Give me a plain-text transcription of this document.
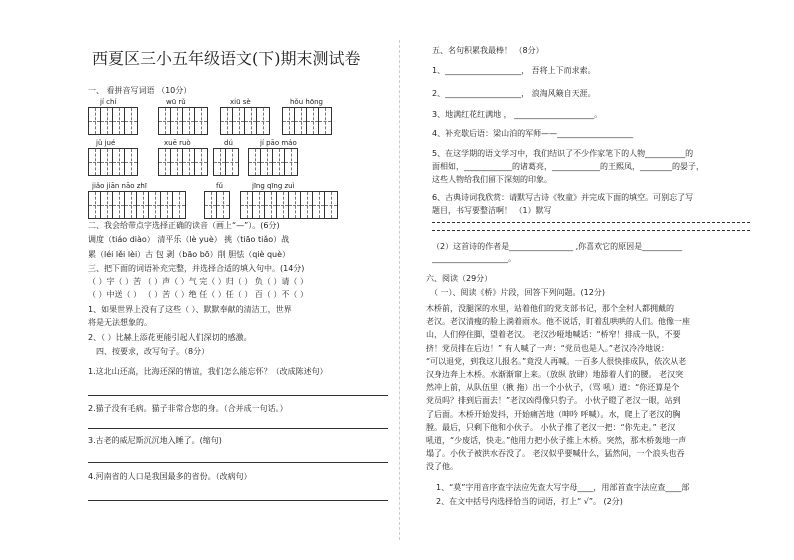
西夏区三小五年级语文(下)期末测试卷
一、 看拼音写词语 （10分）
jí chí	wū rǔ	xiū sè	hǒu hōnɡ
jǔ jué	xuē ruò	dú	jí pāo máo
jiǎo jiān nāo zhī	fǔ	jīng qīng zuì
二、我会给带点字选择正确的读音（画上“—”）。(6分)
调度（tiáo diào） 清平乐（lè yuè） 挑（tiāo tiǎo）战
累（léi lěi lèi）古 包 剥（bāo bō）削 胆怯（qiè què）
三、把下面的词语补充完整，并选择合适的填入句中。(14分)
（ ）字（ ）苦 （ ）声（ ）气 完（ ）归（ ） 负（ ）请（ ）
（ ）中送（ ） （ ）苦（ ）绝 任（ ）任（ ） 百（ ）不（ ）
1、如果世界上没有了这些（ ）、默默奉献的清洁工，世界
将是无法想象的。
2、（ ）比赫上添花更能引起人们深切的感激。
四、按要求，改写句子。（8分）
1.这北山还高，比海还深的情谊，我们怎么能忘怀？（改成陈述句）
2.猫子没有毛病。猫子非常合您的身。（合并成一句话。）
3.古老的威尼斯沉沉地入睡了。(缩句)
4.河南省的人口是我国最多的省份。（改病句）
五、名句积累我最棒！ （8分）
1、___________________， 吾将上下而求索。
2、___________________， 浪淘风簸自天涯。
3、地满红花红满地 ， ____________________。
4、补充歇后语：梁山泊的军师——___________________
5、在这学期的语文学习中，我们结识了不少作家笔下的人物__________的
面相如，____________的诸葛亮，____________的王熙凤，________的晏子，
这些人物给我们留下深刻的印象。
6、古典诗词我欣赏：请默写古诗《牧童》并完成下面的填空。可别忘了写
题目，书写要整洁啊！ （1）默写
（2）这首诗的作者是________________ ,你喜欢它的原因是__________
___________________。
六、阅读（29分）
（ 一）、阅读《桥》片段，回答下列问题。(12分)
木桥前，没腿深的水里，站着他们的党支部书记，那个全村人都拥戴的
老汉。老汉清瘦的脸上淌着雨水。他不说话，盯着乱哄哄的人们。他像一座
山，人们停住脚，望着老汉。 老汉沙哑地喊话：“桥窄！排成一队，不要
挤！党员排在后边！” 有人喊了一声：“党员也是人。”老汉冷冷地说：
“可以退党，到我这儿报名。”竟没人再喊。一百多人很快排成队，依次从老
汉身边奔上木桥。水渐渐窜上来。（放纵 放肆）地舔着人们的腰。 老汉突
然冲上前，从队伍里（揪 拖）出一个小伙子，（骂 吼）道：“你还算是个
党员吗？排到后面去！”老汉凶得像只豹子。 小伙子瞪了老汉一眼，站到
了后面。木桥开始发抖，开始痛苦地（呻吟 呼喊）。水，爬上了老汉的胸
膛。最后，只剩下他和小伙子。 小伙子推了老汉一把：“你先走。” 老汉
吼道，“少废话，快走。”他用力把小伙子推上木桥。突然，那木桥轰地一声
塌了。小伙子被洪水吞没了。 老汉似乎要喊什么，猛然间，一个浪头也吞
没了他。
1、“莫”字用音序查字法应先查大写字母____，用部首查字法应查____部
2、在文中括号内选择恰当的词语，打上“ √”。 (2分)
